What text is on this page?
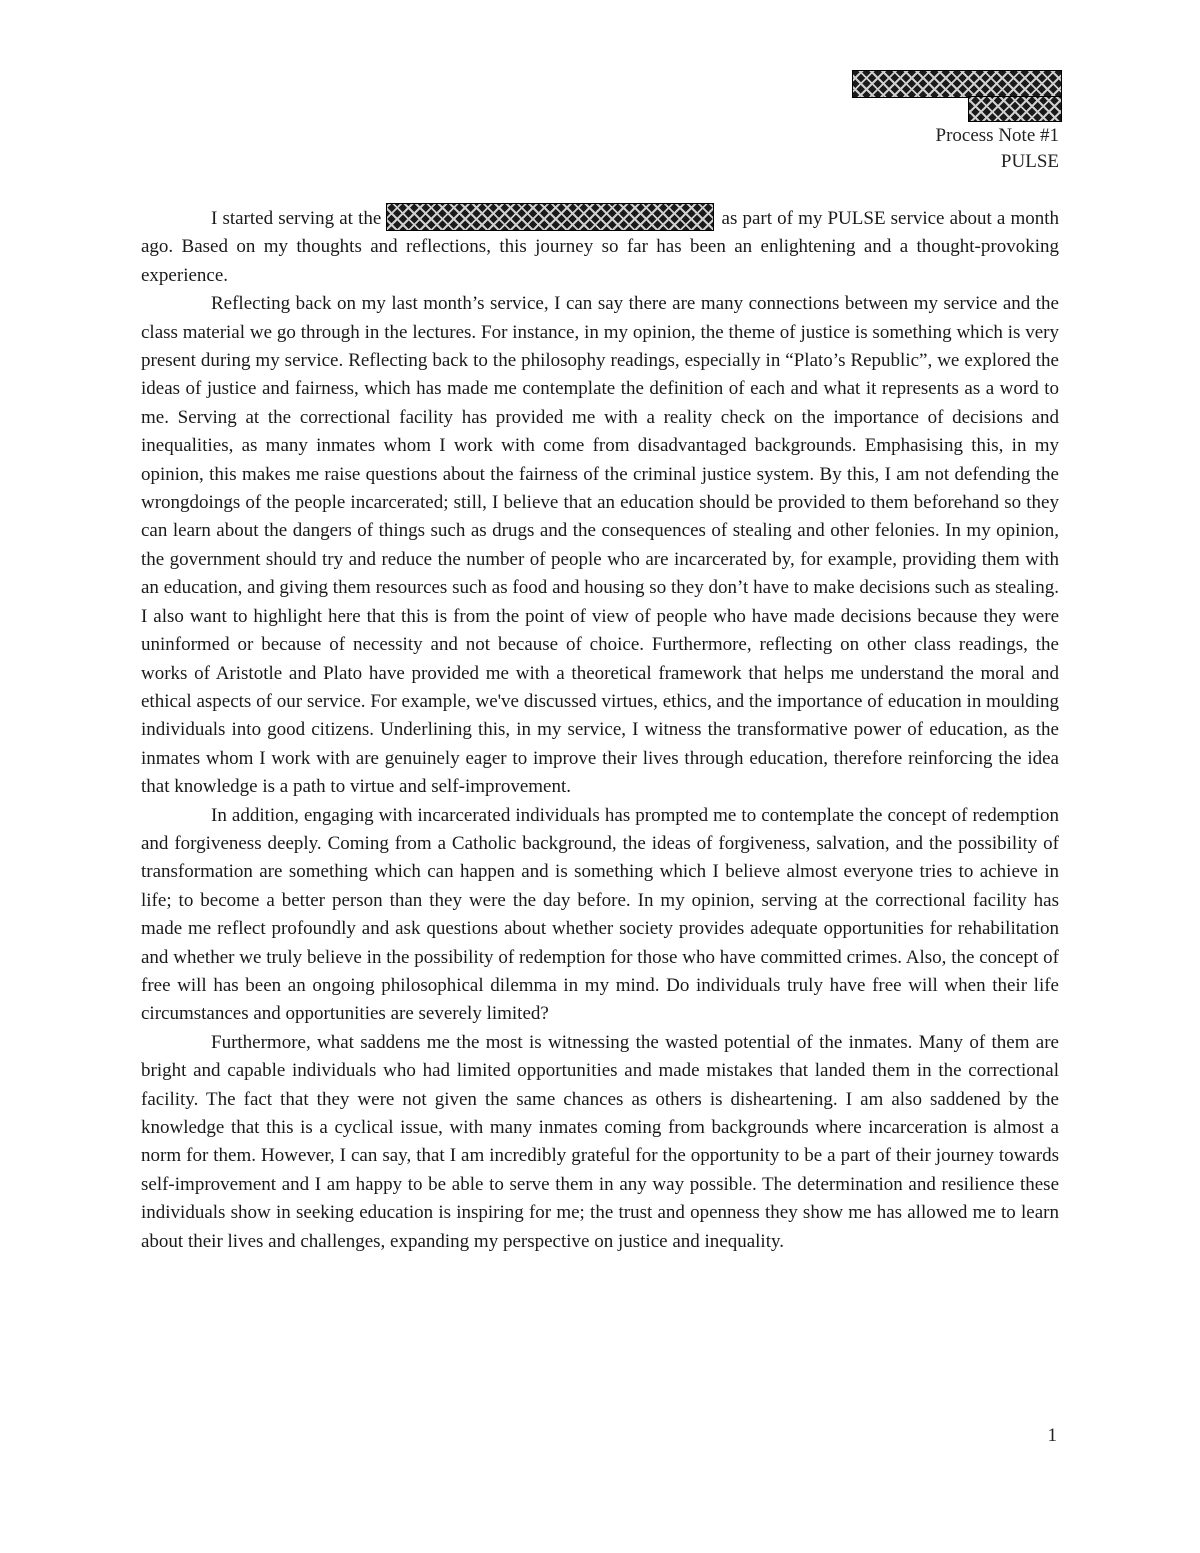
Process Note #1
PULSE

I started serving at the	as part of my PULSE service about a month ago. Based on my thoughts and reflections, this journey so far has been an enlightening and a thought-provoking experience.

Reflecting back on my last month’s service, I can say there are many connections between my service and the class material we go through in the lectures. For instance, in my opinion, the theme of justice is something which is very present during my service. Reflecting back to the philosophy readings, especially in “Plato’s Republic”, we explored the ideas of justice and fairness, which has made me contemplate the definition of each and what it represents as a word to me. Serving at the correctional facility has provided me with a reality check on the importance of decisions and inequalities, as many inmates whom I work with come from disadvantaged backgrounds. Emphasising this, in my opinion, this makes me raise questions about the fairness of the criminal justice system. By this, I am not defending the wrongdoings of the people incarcerated; still, I believe that an education should be provided to them beforehand so they can learn about the dangers of things such as drugs and the consequences of stealing and other felonies. In my opinion, the government should try and reduce the number of people who are incarcerated by, for example, providing them with an education, and giving them resources such as food and housing so they don’t have to make decisions such as stealing. I also want to highlight here that this is from the point of view of people who have made decisions because they were uninformed or because of necessity and not because of choice. Furthermore, reflecting on other class readings, the works of Aristotle and Plato have provided me with a theoretical framework that helps me understand the moral and ethical aspects of our service. For example, we've discussed virtues, ethics, and the importance of education in moulding individuals into good citizens. Underlining this, in my service, I witness the transformative power of education, as the inmates whom I work with are genuinely eager to improve their lives through education, therefore reinforcing the idea that knowledge is a path to virtue and self-improvement.

In addition, engaging with incarcerated individuals has prompted me to contemplate the concept of redemption and forgiveness deeply. Coming from a Catholic background, the ideas of forgiveness, salvation, and the possibility of transformation are something which can happen and is something which I believe almost everyone tries to achieve in life; to become a better person than they were the day before. In my opinion, serving at the correctional facility has made me reflect profoundly and ask questions about whether society provides adequate opportunities for rehabilitation and whether we truly believe in the possibility of redemption for those who have committed crimes. Also, the concept of free will has been an ongoing philosophical dilemma in my mind. Do individuals truly have free will when their life circumstances and opportunities are severely limited?

Furthermore, what saddens me the most is witnessing the wasted potential of the inmates. Many of them are bright and capable individuals who had limited opportunities and made mistakes that landed them in the correctional facility. The fact that they were not given the same chances as others is disheartening. I am also saddened by the knowledge that this is a cyclical issue, with many inmates coming from backgrounds where incarceration is almost a norm for them. However, I can say, that I am incredibly grateful for the opportunity to be a part of their journey towards self-improvement and I am happy to be able to serve them in any way possible. The determination and resilience these individuals show in seeking education is inspiring for me; the trust and openness they show me has allowed me to learn about their lives and challenges, expanding my perspective on justice and inequality.

1
